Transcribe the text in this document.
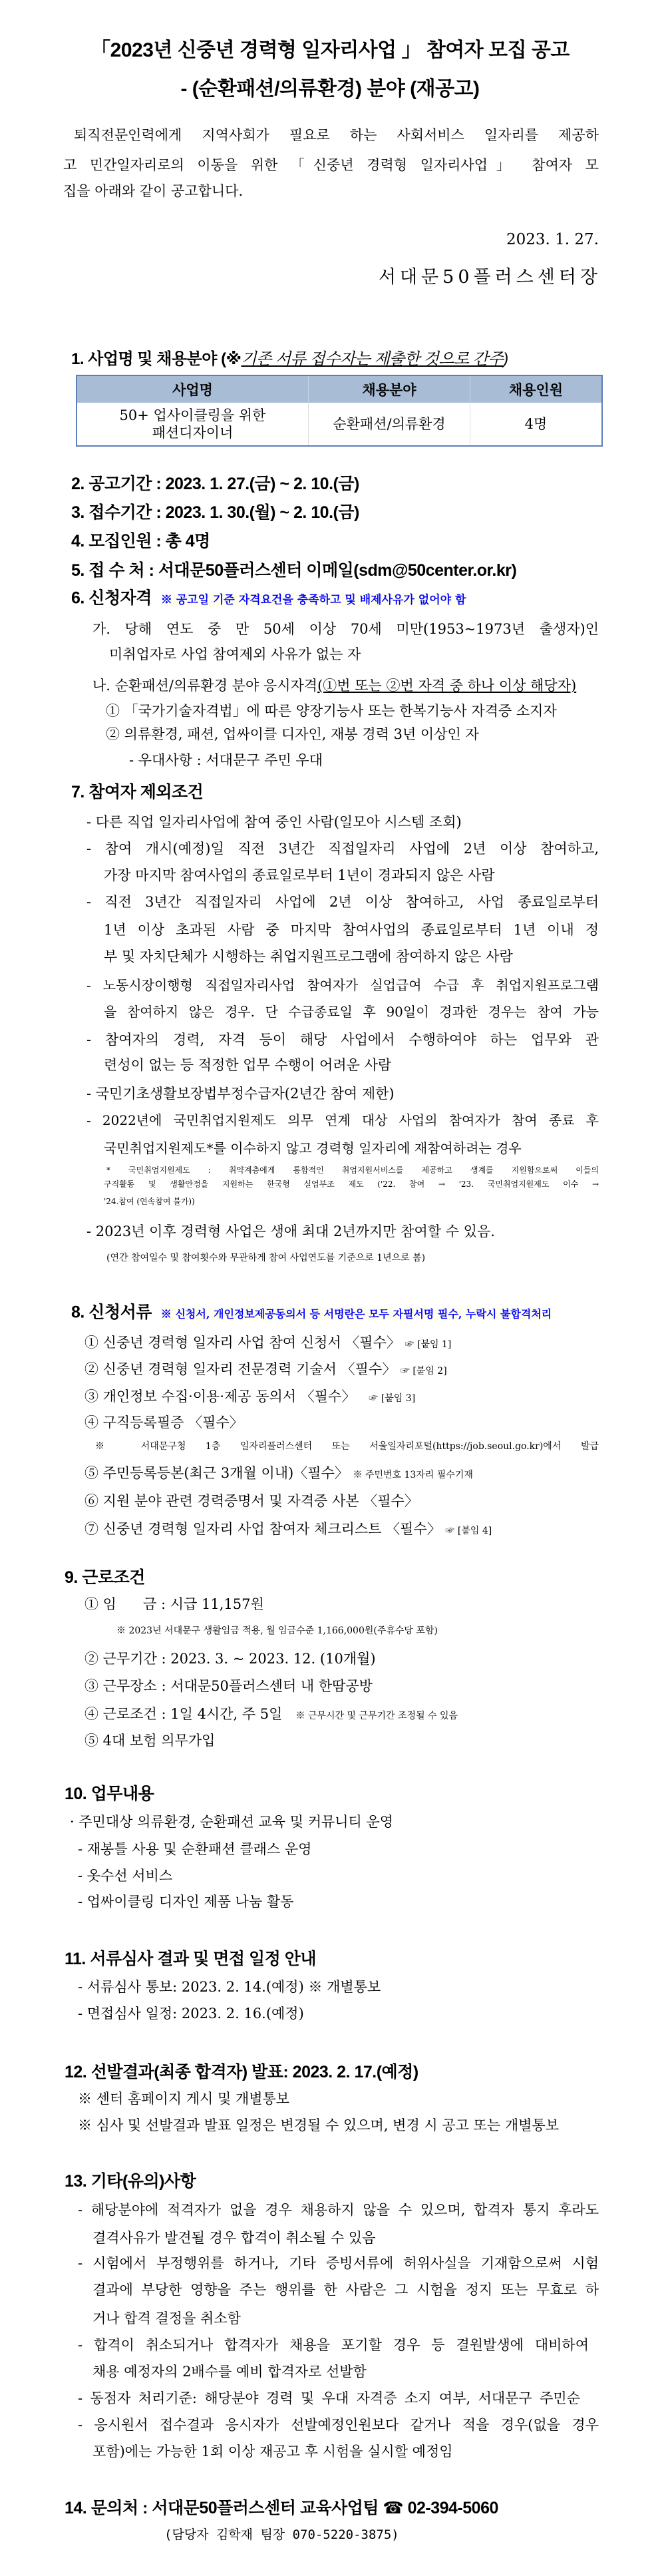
「2023년 신중년 경력형 일자리사업 」 참여자 모집 공고
- (순환패션/의류환경) 분야 (재공고)
퇴직전문인력에게 지역사회가 필요로 하는 사회서비스 일자리를 제공하
고 민간일자리로의 이동을 위한 「신중년 경력형 일자리사업」 참여자 모
집을 아래와 같이 공고합니다.
2023. 1. 27.
서대문50플러스센터장
1. 사업명 및 채용분야 (※기존 서류 접수자는 제출한 것으로 간주)
사업명	채용분야	채용인원
50+ 업사이클링을 위한
패션디자이너	순환패션/의류환경	4명
2. 공고기간 : 2023. 1. 27.(금) ~ 2. 10.(금)
3. 접수기간 : 2023. 1. 30.(월) ~ 2. 10.(금)
4. 모집인원 : 총 4명
5. 접 수 처 : 서대문50플러스센터 이메일(sdm@50center.or.kr)
6. 신청자격 ※ 공고일 기준 자격요건을 충족하고 및 배제사유가 없어야 함
가. 당해 연도 중 만 50세 이상 70세 미만(1953~1973년 출생자)인
미취업자로 사업 참여제외 사유가 없는 자
나. 순환패션/의류환경 분야 응시자격(①번 또는 ②번 자격 중 하나 이상 해당자)
① 「국가기술자격법」에 따른 양장기능사 또는 한복기능사 자격증 소지자
② 의류환경, 패션, 업싸이클 디자인, 재봉 경력 3년 이상인 자
- 우대사항 : 서대문구 주민 우대
7. 참여자 제외조건
- 다른 직업 일자리사업에 참여 중인 사람(일모아 시스템 조회)
- 참여 개시(예정)일 직전 3년간 직접일자리 사업에 2년 이상 참여하고,
가장 마지막 참여사업의 종료일로부터 1년이 경과되지 않은 사람
- 직전 3년간 직접일자리 사업에 2년 이상 참여하고, 사업 종료일로부터
1년 이상 초과된 사람 중 마지막 참여사업의 종료일로부터 1년 이내 정
부 및 자치단체가 시행하는 취업지원프로그램에 참여하지 않은 사람
- 노동시장이행형 직접일자리사업 참여자가 실업급여 수급 후 취업지원프로그램
을 참여하지 않은 경우. 단 수급종료일 후 90일이 경과한 경우는 참여 가능
- 참여자의 경력, 자격 등이 해당 사업에서 수행하여야 하는 업무와 관
련성이 없는 등 적정한 업무 수행이 어려운 사람
- 국민기초생활보장법부정수급자(2년간 참여 제한)
- 2022년에 국민취업지원제도 의무 연계 대상 사업의 참여자가 참여 종료 후
국민취업지원제도*를 이수하지 않고 경력형 일자리에 재참여하려는 경우
* 국민취업지원제도 : 취약계층에게 통합적인 취업지원서비스를 제공하고 생계를 지원함으로써 이들의
구직활동 및 생활안정을 지원하는 한국형 실업부조 제도 ('22. 참여 → '23. 국민취업지원제도 이수 →
'24.참여 (연속참여 불가))
- 2023년 이후 경력형 사업은 생애 최대 2년까지만 참여할 수 있음.
(연간 참여일수 및 참여횟수와 무관하게 참여 사업연도를 기준으로 1년으로 봄)
8. 신청서류 ※ 신청서, 개인정보제공동의서 등 서명란은 모두 자필서명 필수, 누락시 불합격처리
① 신중년 경력형 일자리 사업 참여 신청서 〈필수〉 ☞ [붙임 1]
② 신중년 경력형 일자리 전문경력 기술서 〈필수〉 ☞ [붙임 2]
③ 개인정보 수집·이용·제공 동의서 〈필수〉 ☞ [붙임 3]
④ 구직등록필증 〈필수〉
※ 서대문구청 1층 일자리플러스센터 또는 서울일자리포털(https://job.seoul.go.kr)에서 발급
⑤ 주민등록등본(최근 3개월 이내)〈필수〉 ※ 주민번호 13자리 필수기재
⑥ 지원 분야 관련 경력증명서 및 자격증 사본 〈필수〉
⑦ 신중년 경력형 일자리 사업 참여자 체크리스트 〈필수〉 ☞ [붙임 4]
9. 근로조건
① 임      금 : 시급 11,157원
※ 2023년 서대문구 생활임금 적용, 월 임금수준 1,166,000원(주휴수당 포함)
② 근무기간 : 2023. 3. ~ 2023. 12. (10개월)
③ 근무장소 : 서대문50플러스센터 내 한땀공방
④ 근로조건 : 1일 4시간, 주 5일 ※ 근무시간 및 근무기간 조정될 수 있음
⑤ 4대 보험 의무가입
10. 업무내용
· 주민대상 의류환경, 순환패션 교육 및 커뮤니티 운영
- 재봉틀 사용 및 순환패션 클래스 운영
- 옷수선 서비스
- 업싸이클링 디자인 제품 나눔 활동
11. 서류심사 결과 및 면접 일정 안내
- 서류심사 통보: 2023. 2. 14.(예정) ※ 개별통보
- 면접심사 일정: 2023. 2. 16.(예정)
12. 선발결과(최종 합격자) 발표: 2023. 2. 17.(예정)
※ 센터 홈페이지 게시 및 개별통보
※ 심사 및 선발결과 발표 일정은 변경될 수 있으며, 변경 시 공고 또는 개별통보
13. 기타(유의)사항
- 해당분야에 적격자가 없을 경우 채용하지 않을 수 있으며, 합격자 통지 후라도
결격사유가 발견될 경우 합격이 취소될 수 있음
- 시험에서 부정행위를 하거나, 기타 증빙서류에 허위사실을 기재함으로써 시험
결과에 부당한 영향을 주는 행위를 한 사람은 그 시험을 정지 또는 무효로 하
거나 합격 결정을 취소함
- 합격이 취소되거나 합격자가 채용을 포기할 경우 등 결원발생에 대비하여
채용 예정자의 2배수를 예비 합격자로 선발함
- 동점자 처리기준: 해당분야 경력 및 우대 자격증 소지 여부, 서대문구 주민순
- 응시원서 접수결과 응시자가 선발예정인원보다 같거나 적을 경우(없을 경우
포함)에는 가능한 1회 이상 재공고 후 시험을 실시할 예정임
14. 문의처 : 서대문50플러스센터 교육사업팀 ☎ 02-394-5060
(담당자 김학재 팀장 070-5220-3875)
